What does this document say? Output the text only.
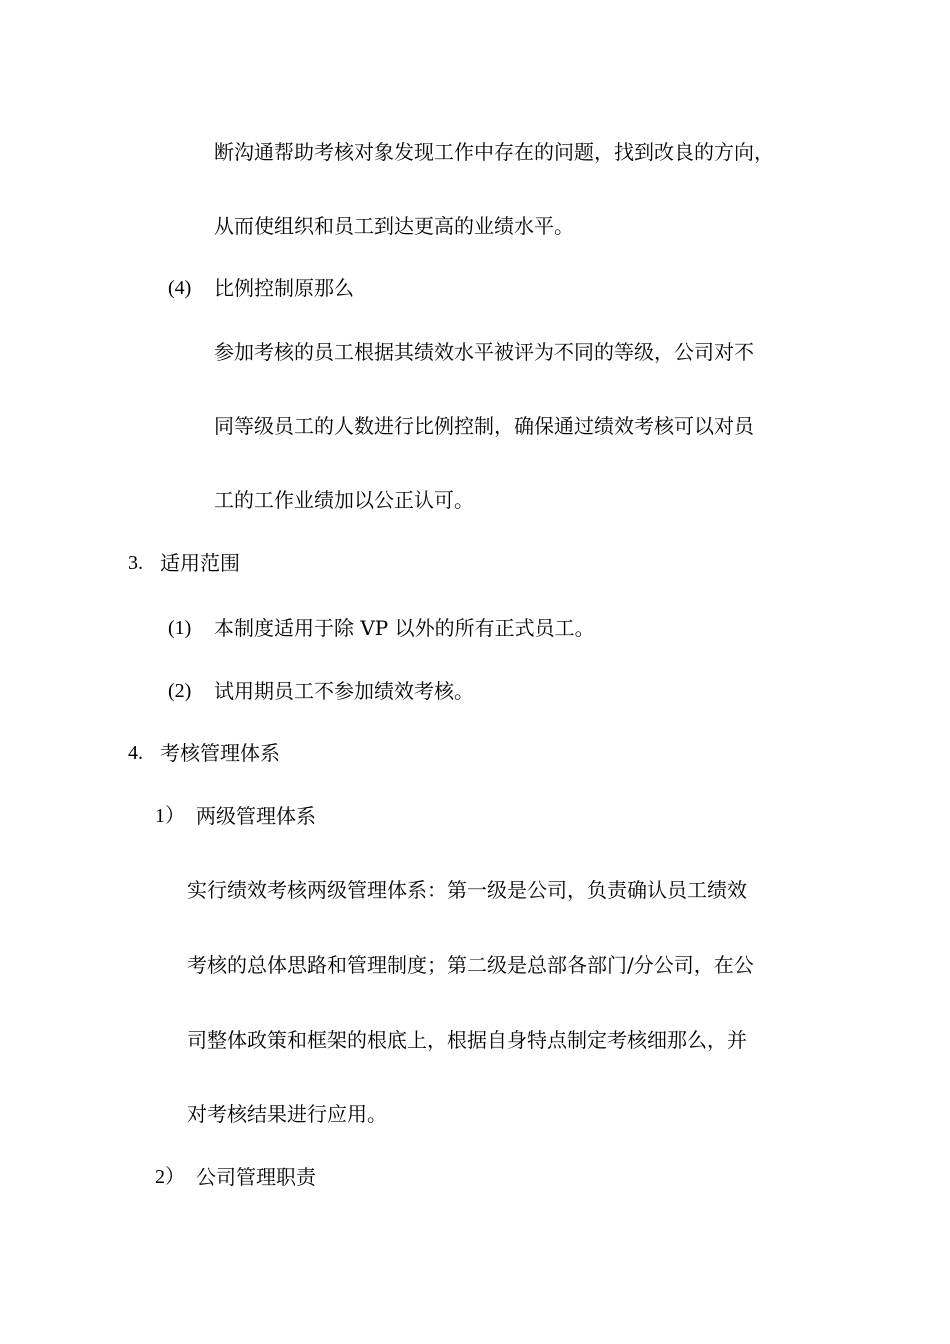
断沟通帮助考核对象发现工作中存在的问题，找到改良的方向，
从而使组织和员工到达更高的业绩水平。
(4) 比例控制原那么
参加考核的员工根据其绩效水平被评为不同的等级，公司对不
同等级员工的人数进行比例控制，确保通过绩效考核可以对员
工的工作业绩加以公正认可。
3. 适用范围
(1) 本制度适用于除 VP 以外的所有正式员工。
(2) 试用期员工不参加绩效考核。
4. 考核管理体系
1） 两级管理体系
实行绩效考核两级管理体系：第一级是公司，负责确认员工绩效
考核的总体思路和管理制度；第二级是总部各部门/分公司，在公
司整体政策和框架的根底上，根据自身特点制定考核细那么，并
对考核结果进行应用。
2） 公司管理职责
